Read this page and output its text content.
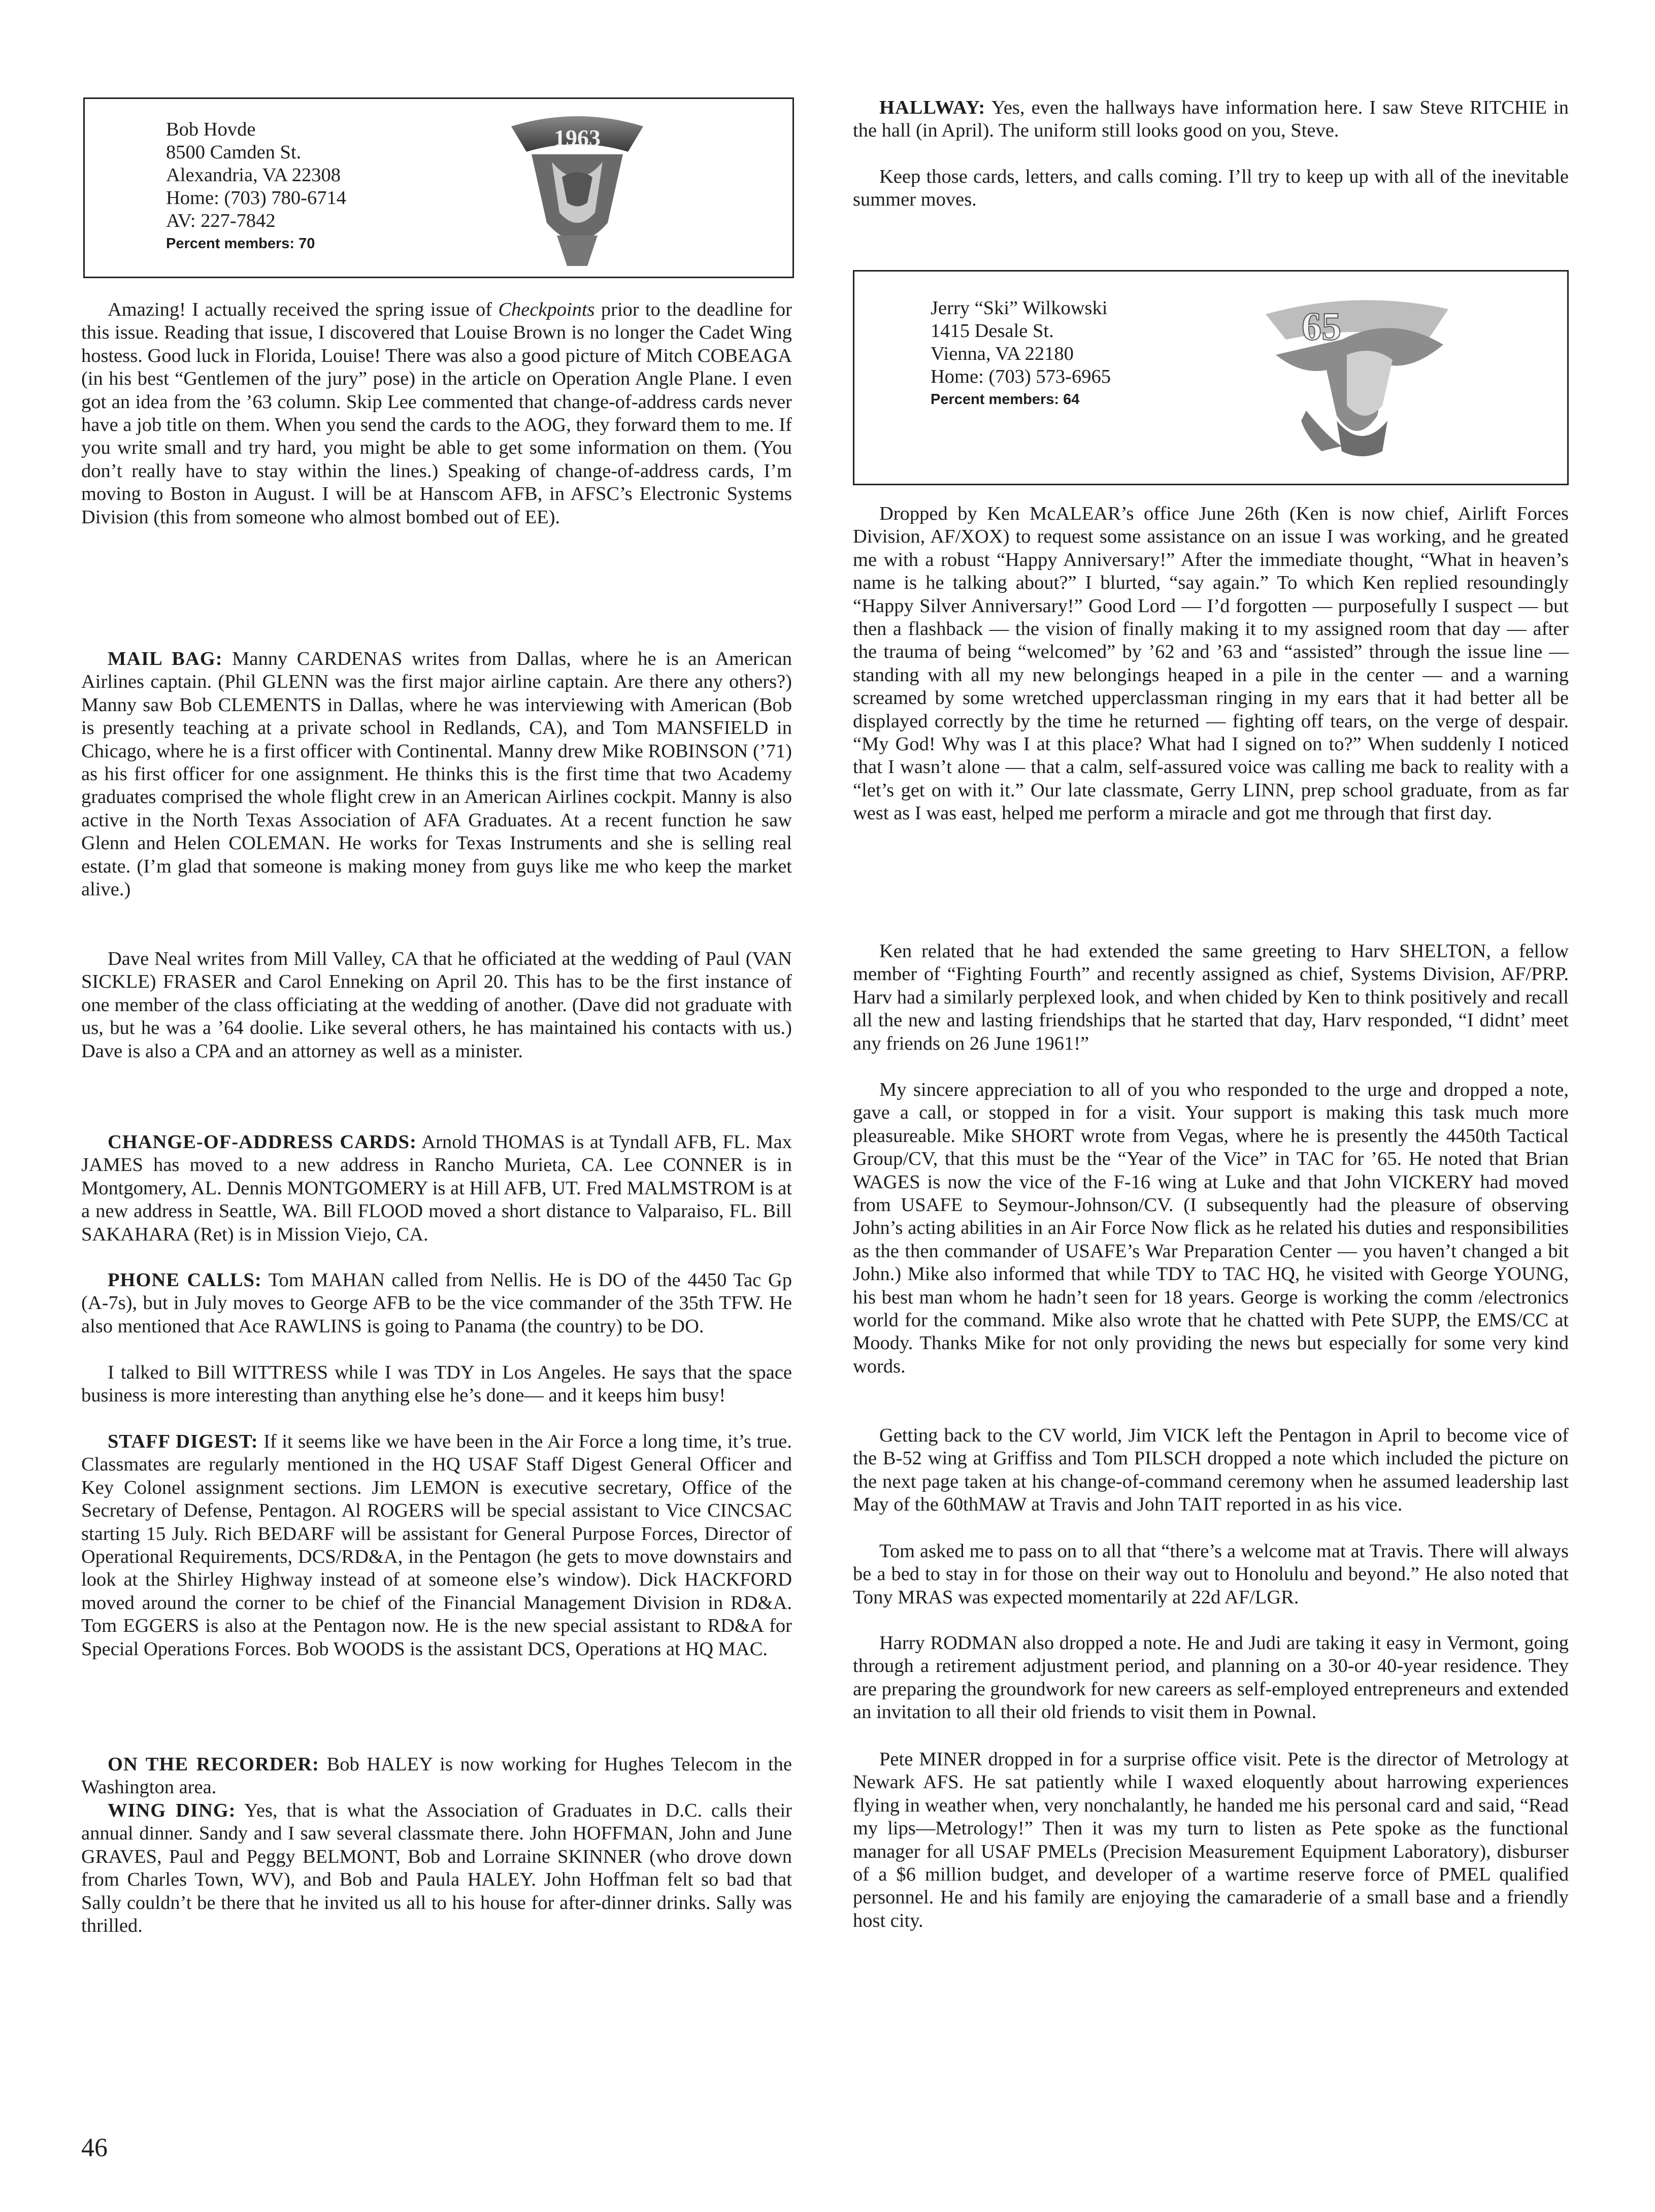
Bob Hovde
8500 Camden St.
Alexandria, VA 22308
Home: (703) 780-6714
AV: 227-7842
Percent members: 70
1963

Amazing! I actually received the spring issue of Checkpoints prior to the deadline for this issue. Reading that issue, I discovered that Louise Brown is no longer the Cadet Wing hostess. Good luck in Florida, Louise! There was also a good picture of Mitch COBEAGA (in his best “Gentlemen of the jury” pose) in the article on Operation Angle Plane. I even got an idea from the ’63 column. Skip Lee commented that change-of-address cards never have a job title on them. When you send the cards to the AOG, they forward them to me. If you write small and try hard, you might be able to get some information on them. (You don’t really have to stay within the lines.) Speaking of change-of-address cards, I’m moving to Boston in August. I will be at Hanscom AFB, in AFSC’s Electronic Systems Division (this from someone who almost bombed out of EE).

MAIL BAG: Manny CARDENAS writes from Dallas, where he is an American Airlines captain. (Phil GLENN was the first major airline captain. Are there any others?) Manny saw Bob CLEMENTS in Dallas, where he was interviewing with American (Bob is presently teaching at a private school in Redlands, CA), and Tom MANSFIELD in Chicago, where he is a first officer with Continental. Manny drew Mike ROBINSON (’71) as his first officer for one assignment. He thinks this is the first time that two Academy graduates comprised the whole flight crew in an American Airlines cockpit. Manny is also active in the North Texas Association of AFA Graduates. At a recent function he saw Glenn and Helen COLEMAN. He works for Texas Instruments and she is selling real estate. (I’m glad that someone is making money from guys like me who keep the market alive.)

Dave Neal writes from Mill Valley, CA that he officiated at the wedding of Paul (VAN SICKLE) FRASER and Carol Enneking on April 20. This has to be the first instance of one member of the class officiating at the wedding of another. (Dave did not graduate with us, but he was a ’64 doolie. Like several others, he has maintained his contacts with us.) Dave is also a CPA and an attorney as well as a minister.

CHANGE-OF-ADDRESS CARDS: Arnold THOMAS is at Tyndall AFB, FL. Max JAMES has moved to a new address in Rancho Murieta, CA. Lee CONNER is in Montgomery, AL. Dennis MONTGOMERY is at Hill AFB, UT. Fred MALMSTROM is at a new address in Seattle, WA. Bill FLOOD moved a short distance to Valparaiso, FL. Bill SAKAHARA (Ret) is in Mission Viejo, CA.

PHONE CALLS: Tom MAHAN called from Nellis. He is DO of the 4450 Tac Gp (A-7s), but in July moves to George AFB to be the vice commander of the 35th TFW. He also mentioned that Ace RAWLINS is going to Panama (the country) to be DO.

I talked to Bill WITTRESS while I was TDY in Los Angeles. He says that the space business is more interesting than anything else he’s done— and it keeps him busy!

STAFF DIGEST: If it seems like we have been in the Air Force a long time, it’s true. Classmates are regularly mentioned in the HQ USAF Staff Digest General Officer and Key Colonel assignment sections. Jim LEMON is executive secretary, Office of the Secretary of Defense, Pentagon. Al ROGERS will be special assistant to Vice CINCSAC starting 15 July. Rich BEDARF will be assistant for General Purpose Forces, Director of Operational Requirements, DCS/RD&A, in the Pentagon (he gets to move downstairs and look at the Shirley Highway instead of at someone else’s window). Dick HACKFORD moved around the corner to be chief of the Financial Management Division in RD&A. Tom EGGERS is also at the Pentagon now. He is the new special assistant to RD&A for Special Operations Forces. Bob WOODS is the assistant DCS, Operations at HQ MAC.

ON THE RECORDER: Bob HALEY is now working for Hughes Telecom in the Washington area.

WING DING: Yes, that is what the Association of Graduates in D.C. calls their annual dinner. Sandy and I saw several classmate there. John HOFFMAN, John and June GRAVES, Paul and Peggy BELMONT, Bob and Lorraine SKINNER (who drove down from Charles Town, WV), and Bob and Paula HALEY. John Hoffman felt so bad that Sally couldn’t be there that he invited us all to his house for after-dinner drinks. Sally was thrilled.

HALLWAY: Yes, even the hallways have information here. I saw Steve RITCHIE in the hall (in April). The uniform still looks good on you, Steve.

Keep those cards, letters, and calls coming. I’ll try to keep up with all of the inevitable summer moves.

Jerry “Ski” Wilkowski
1415 Desale St.
Vienna, VA 22180
Home: (703) 573-6965
Percent members: 64
65

Dropped by Ken McALEAR’s office June 26th (Ken is now chief, Airlift Forces Division, AF/XOX) to request some assistance on an issue I was working, and he greated me with a robust “Happy Anniversary!” After the immediate thought, “What in heaven’s name is he talking about?” I blurted, “say again.” To which Ken replied resoundingly “Happy Silver Anniversary!” Good Lord — I’d forgotten — purposefully I suspect — but then a flashback — the vision of finally making it to my assigned room that day — after the trauma of being “welcomed” by ’62 and ’63 and “assisted” through the issue line — standing with all my new belongings heaped in a pile in the center — and a warning screamed by some wretched upperclassman ringing in my ears that it had better all be displayed correctly by the time he returned — fighting off tears, on the verge of despair. “My God! Why was I at this place? What had I signed on to?” When suddenly I noticed that I wasn’t alone — that a calm, self-assured voice was calling me back to reality with a “let’s get on with it.” Our late classmate, Gerry LINN, prep school graduate, from as far west as I was east, helped me perform a miracle and got me through that first day.

Ken related that he had extended the same greeting to Harv SHELTON, a fellow member of “Fighting Fourth” and recently assigned as chief, Systems Division, AF/PRP. Harv had a similarly perplexed look, and when chided by Ken to think positively and recall all the new and lasting friendships that he started that day, Harv responded, “I didnt’ meet any friends on 26 June 1961!”

My sincere appreciation to all of you who responded to the urge and dropped a note, gave a call, or stopped in for a visit. Your support is making this task much more pleasureable. Mike SHORT wrote from Vegas, where he is presently the 4450th Tactical Group/CV, that this must be the “Year of the Vice” in TAC for ’65. He noted that Brian WAGES is now the vice of the F-16 wing at Luke and that John VICKERY had moved from USAFE to Seymour-Johnson/CV. (I subsequently had the pleasure of observing John’s acting abilities in an Air Force Now flick as he related his duties and responsibilities as the then commander of USAFE’s War Preparation Center — you haven’t changed a bit John.) Mike also informed that while TDY to TAC HQ, he visited with George YOUNG, his best man whom he hadn’t seen for 18 years. George is working the comm /electronics world for the command. Mike also wrote that he chatted with Pete SUPP, the EMS/CC at Moody. Thanks Mike for not only providing the news but especially for some very kind words.

Getting back to the CV world, Jim VICK left the Pentagon in April to become vice of the B-52 wing at Griffiss and Tom PILSCH dropped a note which included the picture on the next page taken at his change-of-command ceremony when he assumed leadership last May of the 60thMAW at Travis and John TAIT reported in as his vice.

Tom asked me to pass on to all that “there’s a welcome mat at Travis. There will always be a bed to stay in for those on their way out to Honolulu and beyond.” He also noted that Tony MRAS was expected momentarily at 22d AF/LGR.

Harry RODMAN also dropped a note. He and Judi are taking it easy in Vermont, going through a retirement adjustment period, and planning on a 30-or 40-year residence. They are preparing the groundwork for new careers as self-employed entrepreneurs and extended an invitation to all their old friends to visit them in Pownal.

Pete MINER dropped in for a surprise office visit. Pete is the director of Metrology at Newark AFS. He sat patiently while I waxed eloquently about harrowing experiences flying in weather when, very nonchalantly, he handed me his personal card and said, “Read my lips—Metrology!” Then it was my turn to listen as Pete spoke as the functional manager for all USAF PMELs (Precision Measurement Equipment Laboratory), disburser of a $6 million budget, and developer of a wartime reserve force of PMEL qualified personnel. He and his family are enjoying the camaraderie of a small base and a friendly host city.

46
